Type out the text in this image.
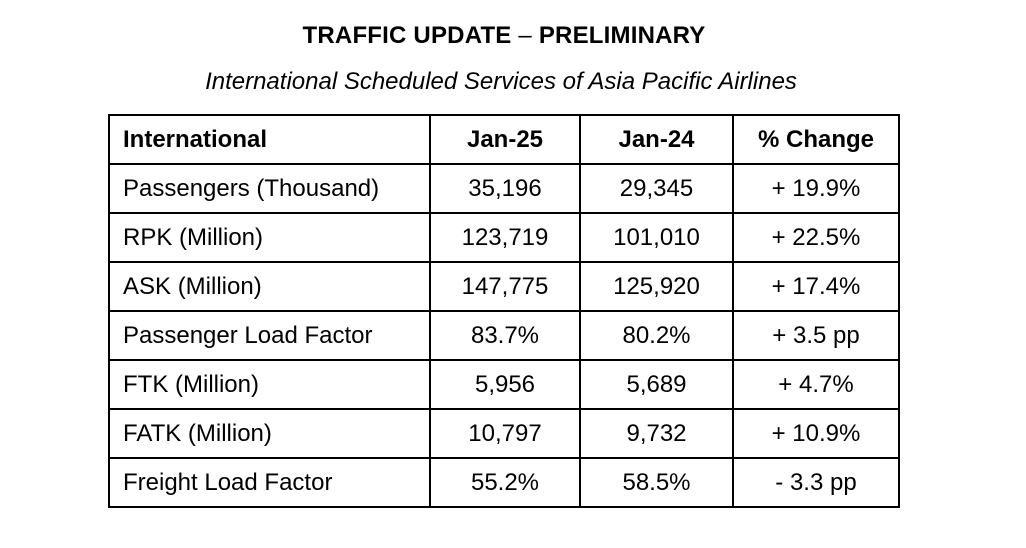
TRAFFIC UPDATE – PRELIMINARY
International Scheduled Services of Asia Pacific Airlines
International	Jan-25	Jan-24	% Change
Passengers (Thousand)	35,196	29,345	+ 19.9%
RPK (Million)	123,719	101,010	+ 22.5%
ASK (Million)	147,775	125,920	+ 17.4%
Passenger Load Factor	83.7%	80.2%	+ 3.5 pp
FTK (Million)	5,956	5,689	+ 4.7%
FATK (Million)	10,797	9,732	+ 10.9%
Freight Load Factor	55.2%	58.5%	- 3.3 pp
